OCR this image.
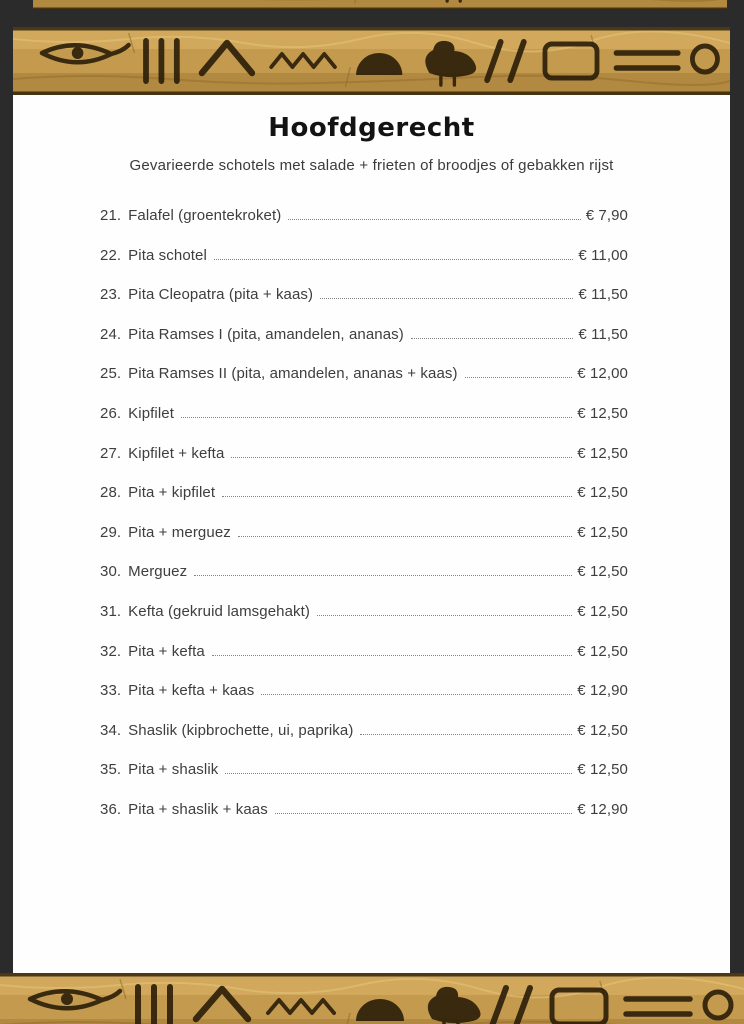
Hoofdgerecht

Gevarieerde schotels met salade + frieten of broodjes of gebakken rijst

21. Falafel (groentekroket)	€ 7,90
22. Pita schotel	€ 11,00
23. Pita Cleopatra (pita + kaas)	€ 11,50
24. Pita Ramses I (pita, amandelen, ananas)	€ 11,50
25. Pita Ramses II (pita, amandelen, ananas + kaas)	€ 12,00
26. Kipfilet	€ 12,50
27. Kipfilet + kefta	€ 12,50
28. Pita + kipfilet	€ 12,50
29. Pita + merguez	€ 12,50
30. Merguez	€ 12,50
31. Kefta (gekruid lamsgehakt)	€ 12,50
32. Pita + kefta	€ 12,50
33. Pita + kefta + kaas	€ 12,90
34. Shaslik (kipbrochette, ui, paprika)	€ 12,50
35. Pita + shaslik	€ 12,50
36. Pita + shaslik + kaas	€ 12,90
